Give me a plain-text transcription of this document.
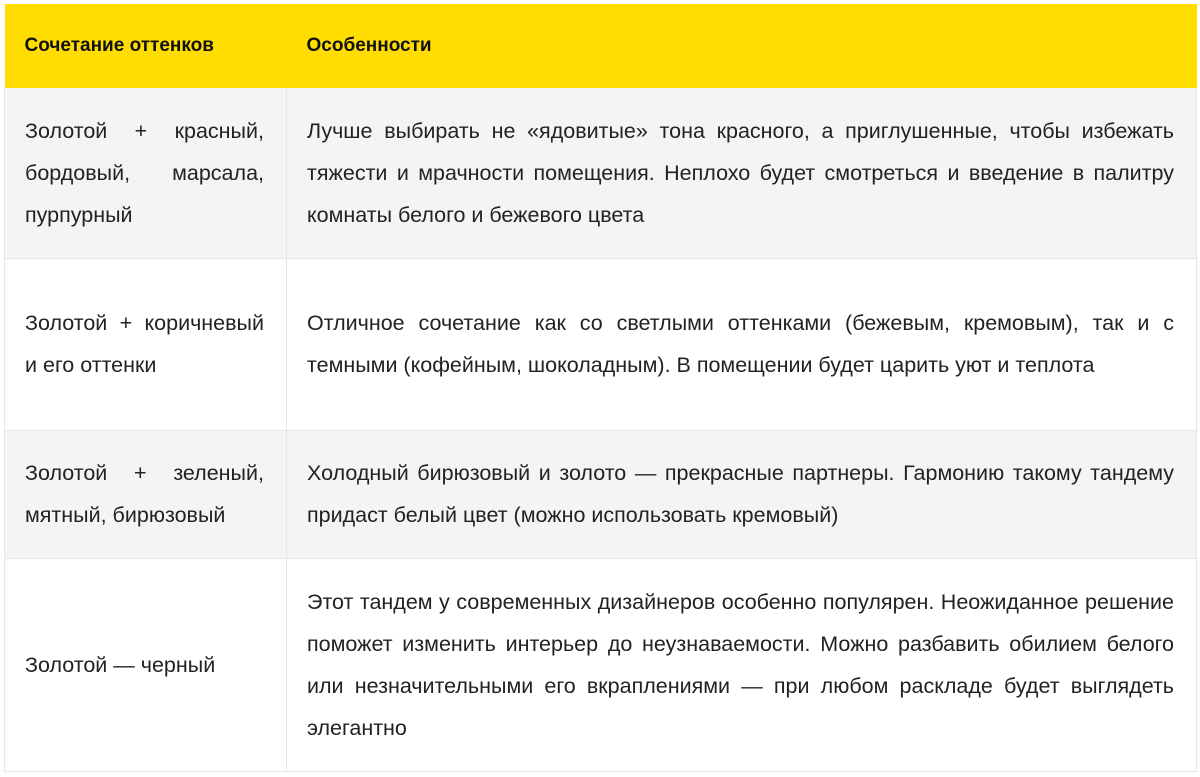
Сочетание оттенков	Особенности
Золотой + красный, бордовый, марсала, пурпурный	Лучше выбирать не «ядовитые» тона красного, а приглушенные, чтобы избежать тяжести и мрачности помещения. Неплохо будет смотреться и введение в палитру комнаты белого и бежевого цвета
Золотой + коричневый и его оттенки	Отличное сочетание как со светлыми оттенками (бежевым, кремовым), так и с темными (кофейным, шоколадным). В помещении будет царить уют и теплота
Золотой + зеленый, мятный, бирюзовый	Холодный бирюзовый и золото — прекрасные партнеры. Гармонию такому тандему придаст белый цвет (можно использовать кремовый)
Золотой — черный	Этот тандем у современных дизайнеров особенно популярен. Неожиданное решение поможет изменить интерьер до неузнаваемости. Можно разбавить обилием белого или незначительными его вкраплениями — при любом раскладе будет выглядеть элегантно
